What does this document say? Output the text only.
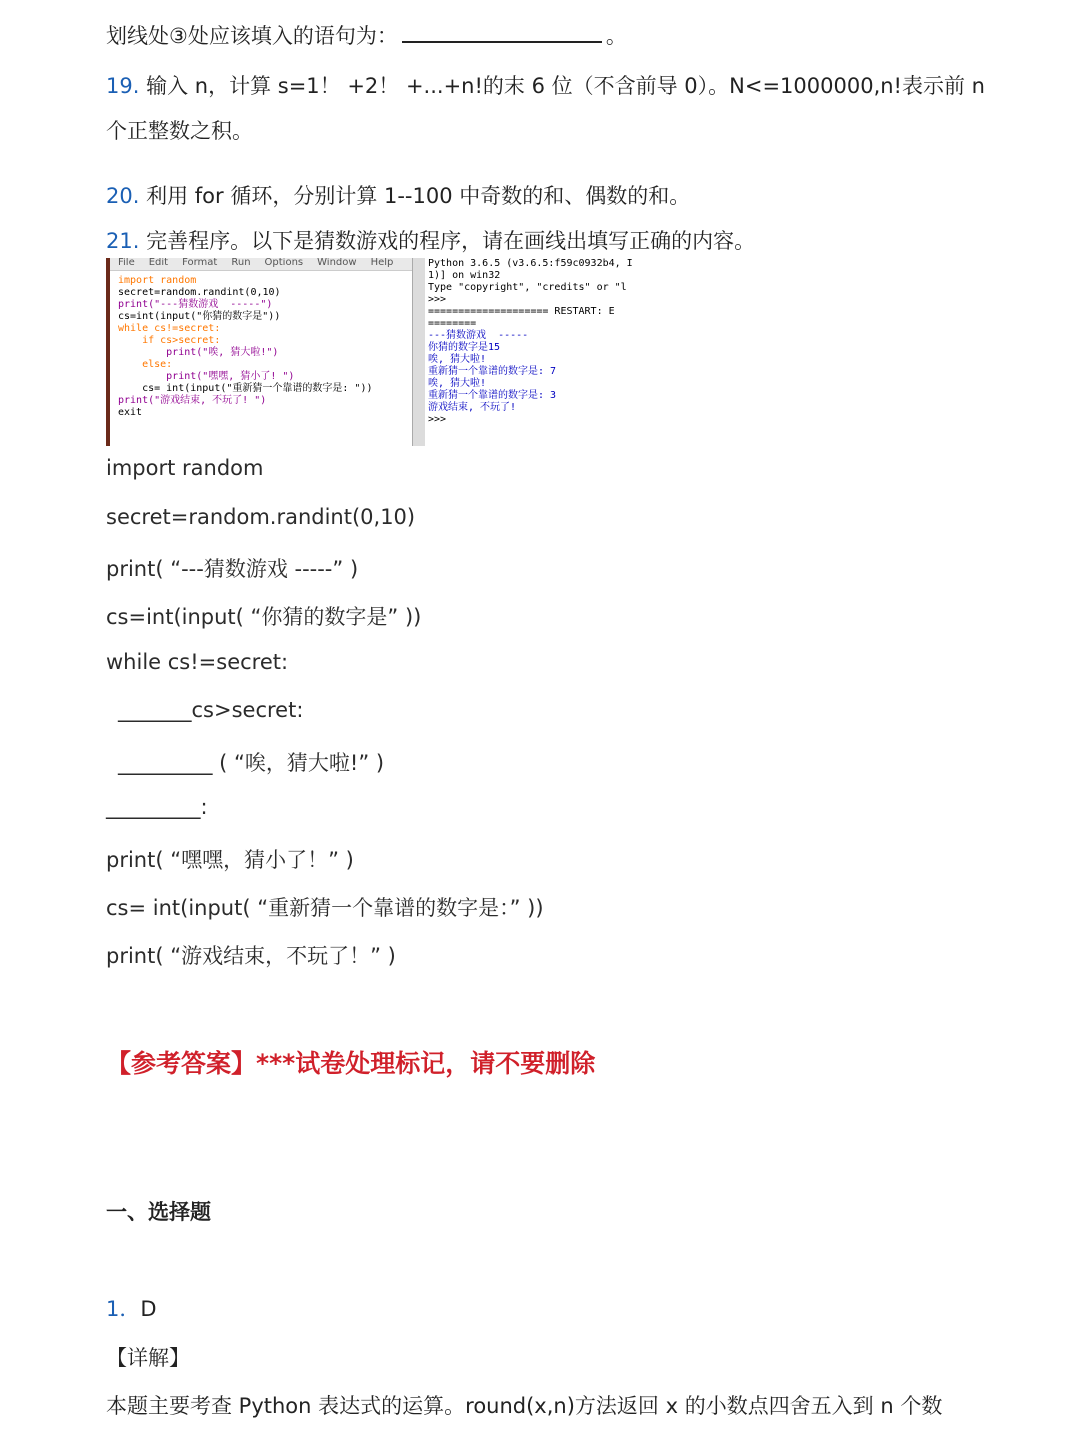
划线处③处应该填入的语句为：	。
19. 输入 n，计算 s=1！ +2！ +...+n!的末 6 位（不含前导 0）。N<=1000000,n!表示前 n
个正整数之积。
20. 利用 for 循环，分别计算 1--100 中奇数的和、偶数的和。
21. 完善程序。以下是猜数游戏的程序，请在画线出填写正确的内容。
File Edit Format Run Options Window Help
import random
secret=random.randint(0,10)
print("---猜数游戏  -----")
cs=int(input("你猜的数字是"))
while cs!=secret:
if cs>secret:
print("唉, 猜大啦!")
else:
print("嘿嘿, 猜小了! ")
cs= int(input("重新猜一个靠谱的数字是: "))
print("游戏结束, 不玩了! ")
exit
Python 3.6.5 (v3.6.5:f59c0932b4, I
1)] on win32
Type "copyright", "credits" or "l
>>>
==================== RESTART: E
========
---猜数游戏  -----
你猜的数字是15
唉, 猜大啦!
重新猜一个靠谱的数字是: 7
唉, 猜大啦!
重新猜一个靠谱的数字是: 3
游戏结束, 不玩了!
>>>
import random
secret=random.randint(0,10)
print( “---猜数游戏 -----” )
cs=int(input( “你猜的数字是” ))
while cs!=secret:
_______cs>secret:
_________ ( “唉，猜大啦!” )
_________:
print( “嘿嘿，猜小了！” )
cs= int(input( “重新猜一个靠谱的数字是：” ))
print( “游戏结束，不玩了！” )
【参考答案】***试卷处理标记，请不要删除
一、选择题
1．D
【详解】
本题主要考查 Python 表达式的运算。round(x,n)方法返回 x 的小数点四舍五入到 n 个数
